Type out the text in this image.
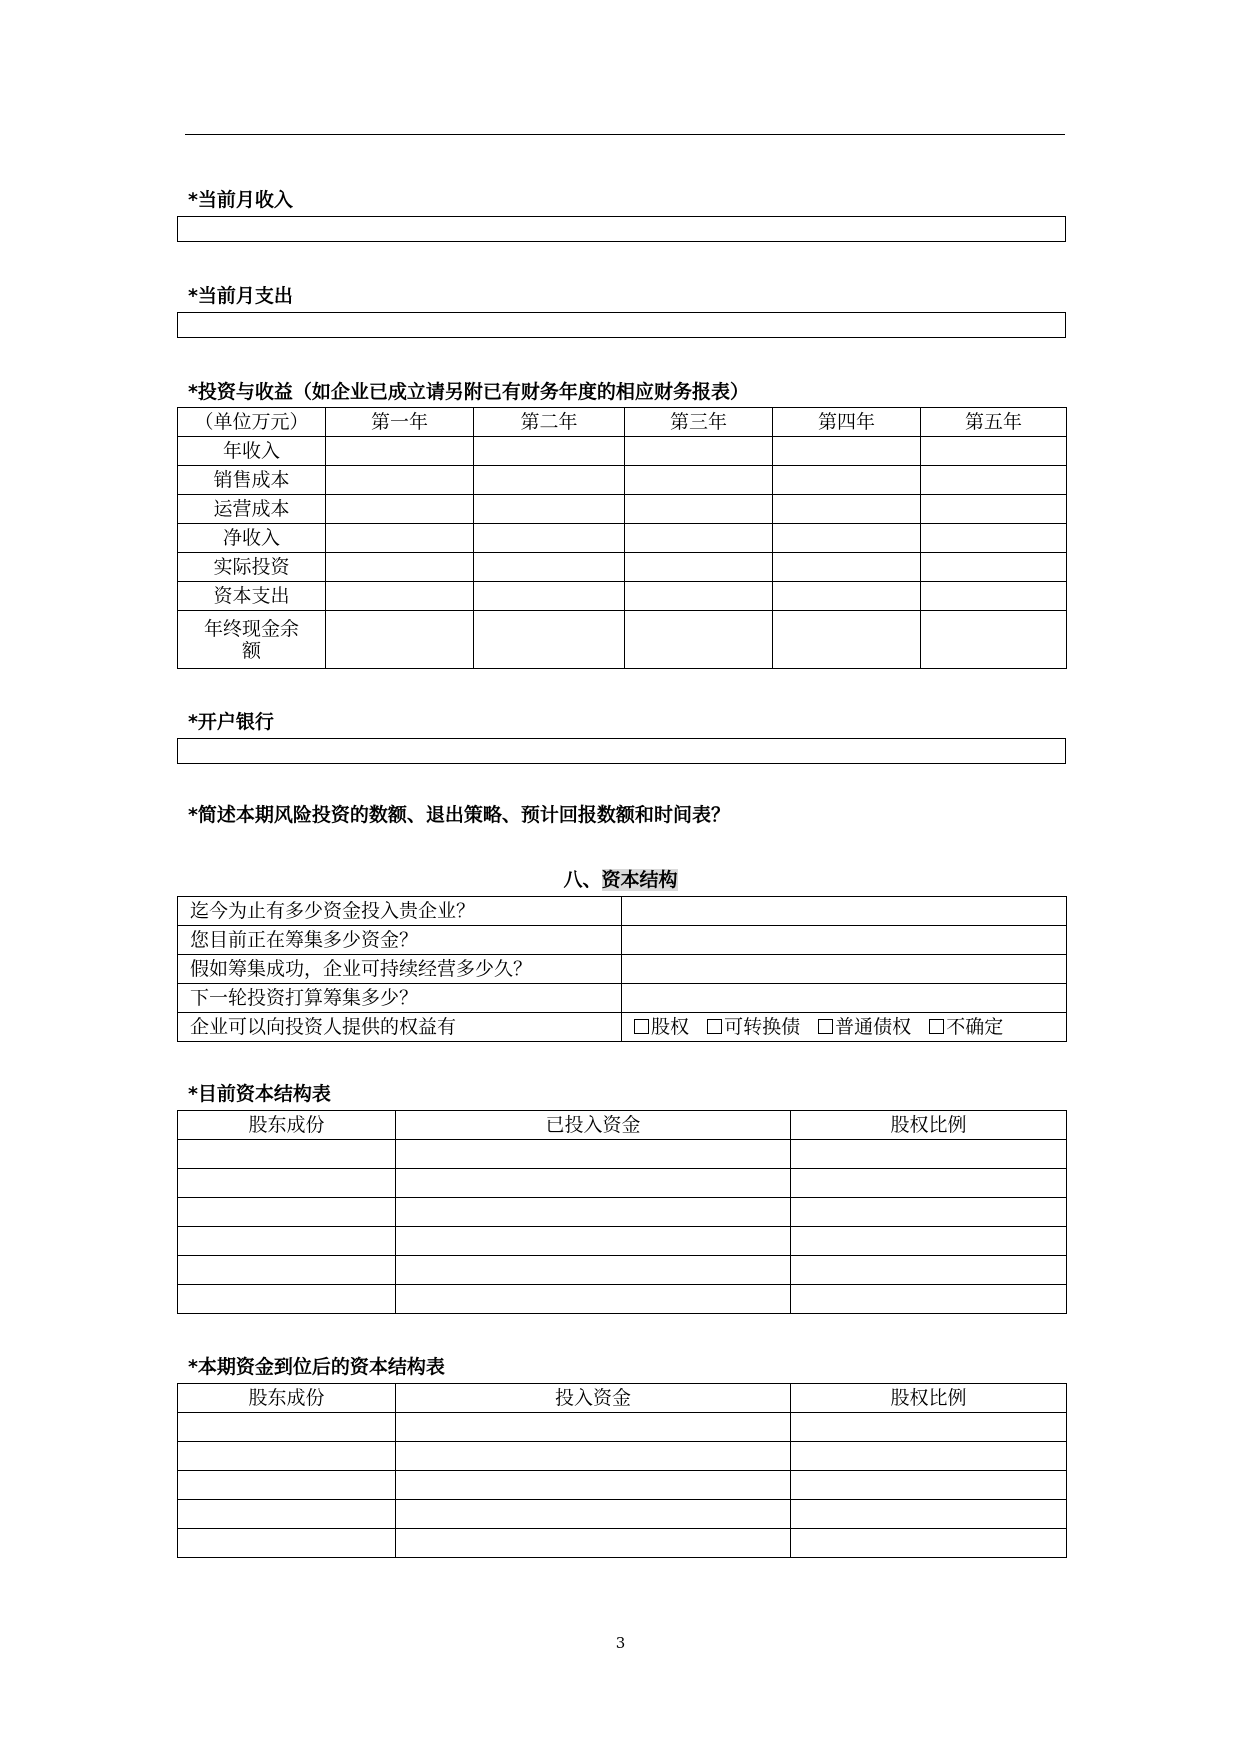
*当前月收入
*当前月支出
*投资与收益（如企业已成立请另附已有财务年度的相应财务报表）
（单位万元）	第一年	第二年	第三年	第四年	第五年
年收入					
销售成本					
运营成本					
净收入					
实际投资					
资本支出					
年终现金余额					
*开户银行
*简述本期风险投资的数额、退出策略、预计回报数额和时间表？
八、资本结构
迄今为止有多少资金投入贵企业？	
您目前正在筹集多少资金？	
假如筹集成功，企业可持续经营多少久？	
下一轮投资打算筹集多少？	
企业可以向投资人提供的权益有	股权 可转换债 普通债权 不确定
*目前资本结构表
股东成份	已投入资金	股权比例

*本期资金到位后的资本结构表
股东成份	投入资金	股权比例

3
